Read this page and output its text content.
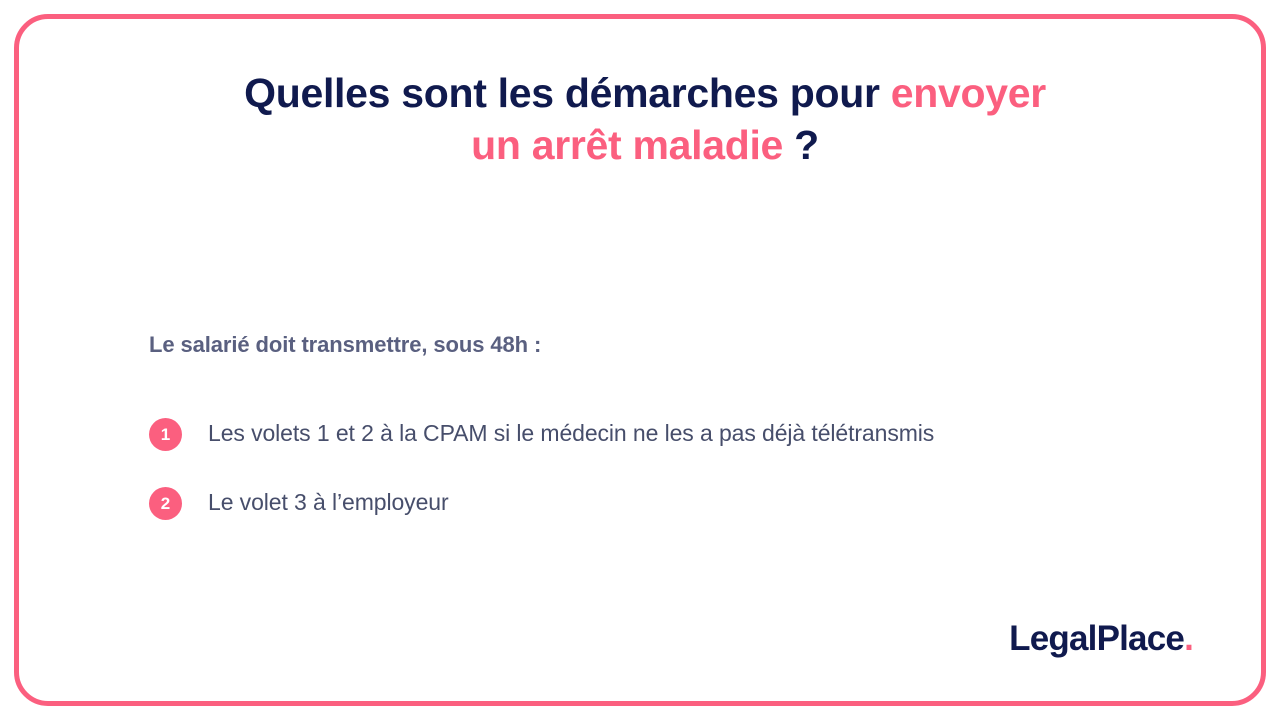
Quelles sont les démarches pour envoyer
un arrêt maladie ?
Le salarié doit transmettre, sous 48h :
1	Les volets 1 et 2 à la CPAM si le médecin ne les a pas déjà télétransmis
2	Le volet 3 à l’employeur
LegalPlace.
